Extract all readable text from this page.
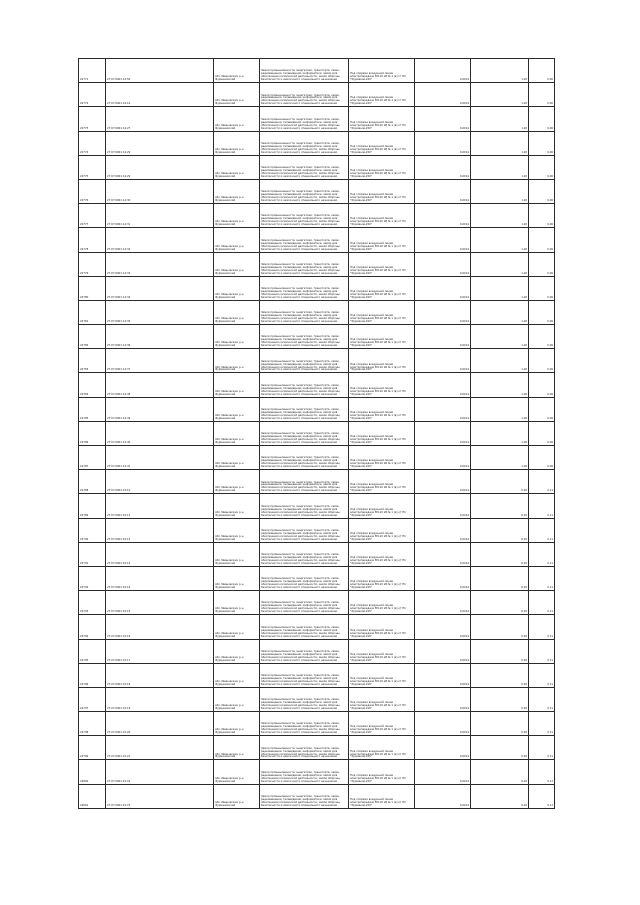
22771	27:07:0901:14:50	обл. Ивановская, р-н Фурмановский	Земли промышленности, энергетики, транспорта, связи, радиовещания, телевидения, информатики, земли для обеспечения космической деятельности, земли обороны, безопасности и земли иного специального назначения	Под опорами воздушной линии электропередачи ВЛ-10 кВ № 1 (в) от ПС "Фурманов-220"	0,0014	1,20	0,00
22772	27:07:0901:14:16	обл. Ивановская, р-н Фурмановский	Земли промышленности, энергетики, транспорта, связи, радиовещания, телевидения, информатики, земли для обеспечения космической деятельности, земли обороны, безопасности и земли иного специального назначения	Под опорами воздушной линии электропередачи ВЛ-10 кВ № 1 (в) от ПС "Фурманов-220"	0,0014	1,20	0,00
22773	27:07:0901:14:27	обл. Ивановская, р-н Фурмановский	Земли промышленности, энергетики, транспорта, связи, радиовещания, телевидения, информатики, земли для обеспечения космической деятельности, земли обороны, безопасности и земли иного специального назначения	Под опорами воздушной линии электропередачи ВЛ-10 кВ № 1 (в) от ПС "Фурманов-220"	0,0014	1,20	0,00
22774	27:07:0901:14:29	обл. Ивановская, р-н Фурмановский	Земли промышленности, энергетики, транспорта, связи, радиовещания, телевидения, информатики, земли для обеспечения космической деятельности, земли обороны, безопасности и земли иного специального назначения	Под опорами воздушной линии электропередачи ВЛ-10 кВ № 1 (в) от ПС "Фурманов-220"	0,0014	1,20	0,00
22775	27:07:0901:14:29	обл. Ивановская, р-н Фурмановский	Земли промышленности, энергетики, транспорта, связи, радиовещания, телевидения, информатики, земли для обеспечения космической деятельности, земли обороны, безопасности и земли иного специального назначения	Под опорами воздушной линии электропередачи ВЛ-10 кВ № 1 (в) от ПС "Фурманов-220"	0,0014	1,20	0,00
22776	27:07:0901:14:30	обл. Ивановская, р-н Фурмановский	Земли промышленности, энергетики, транспорта, связи, радиовещания, телевидения, информатики, земли для обеспечения космической деятельности, земли обороны, безопасности и земли иного специального назначения	Под опорами воздушной линии электропередачи ВЛ-10 кВ № 1 (в) от ПС "Фурманов-220"	0,0014	1,20	0,00
22777	27:07:0901:14:31	обл. Ивановская, р-н Фурмановский	Земли промышленности, энергетики, транспорта, связи, радиовещания, телевидения, информатики, земли для обеспечения космической деятельности, земли обороны, безопасности и земли иного специального назначения	Под опорами воздушной линии электропередачи ВЛ-10 кВ № 1 (в) от ПС "Фурманов-220"	0,0014	1,20	0,00
22778	27:07:0901:14:32	обл. Ивановская, р-н Фурмановский	Земли промышленности, энергетики, транспорта, связи, радиовещания, телевидения, информатики, земли для обеспечения космической деятельности, земли обороны, безопасности и земли иного специального назначения	Под опорами воздушной линии электропередачи ВЛ-10 кВ № 1 (в) от ПС "Фурманов-220"	0,0014	1,20	0,00
22779	27:07:0901:14:33	обл. Ивановская, р-н Фурмановский	Земли промышленности, энергетики, транспорта, связи, радиовещания, телевидения, информатики, земли для обеспечения космической деятельности, земли обороны, безопасности и земли иного специального назначения	Под опорами воздушной линии электропередачи ВЛ-10 кВ № 1 (в) от ПС "Фурманов-220"	0,0014	1,20	0,00
22780	27:07:0901:14:34	обл. Ивановская, р-н Фурмановский	Земли промышленности, энергетики, транспорта, связи, радиовещания, телевидения, информатики, земли для обеспечения космической деятельности, земли обороны, безопасности и земли иного специального назначения	Под опорами воздушной линии электропередачи ВЛ-10 кВ № 1 (в) от ПС "Фурманов-220"	0,0014	1,20	0,00
22781	27:07:0901:14:35	обл. Ивановская, р-н Фурмановский	Земли промышленности, энергетики, транспорта, связи, радиовещания, телевидения, информатики, земли для обеспечения космической деятельности, земли обороны, безопасности и земли иного специального назначения	Под опорами воздушной линии электропередачи ВЛ-10 кВ № 1 (в) от ПС "Фурманов-220"	0,0014	1,20	0,00
22782	27:07:0901:14:36	обл. Ивановская, р-н Фурмановский	Земли промышленности, энергетики, транспорта, связи, радиовещания, телевидения, информатики, земли для обеспечения космической деятельности, земли обороны, безопасности и земли иного специального назначения	Под опорами воздушной линии электропередачи ВЛ-10 кВ № 1 (в) от ПС "Фурманов-220"	0,0014	1,20	0,00
22783	27:07:0901:14:37	обл. Ивановская, р-н Фурмановский	Земли промышленности, энергетики, транспорта, связи, радиовещания, телевидения, информатики, земли для обеспечения космической деятельности, земли обороны, безопасности и земли иного специального назначения	Под опорами воздушной линии электропередачи ВЛ-10 кВ № 1 (в) от ПС "Фурманов-220"	0,0014	1,20	0,00
22784	27:07:0901:14:38	обл. Ивановская, р-н Фурмановский	Земли промышленности, энергетики, транспорта, связи, радиовещания, телевидения, информатики, земли для обеспечения космической деятельности, земли обороны, безопасности и земли иного специального назначения	Под опорами воздушной линии электропередачи ВЛ-10 кВ № 1 (в) от ПС "Фурманов-220"	0,0014	1,20	0,00
22785	27:07:0901:14:39	обл. Ивановская, р-н Фурмановский	Земли промышленности, энергетики, транспорта, связи, радиовещания, телевидения, информатики, земли для обеспечения космической деятельности, земли обороны, безопасности и земли иного специального назначения	Под опорами воздушной линии электропередачи ВЛ-10 кВ № 1 (в) от ПС "Фурманов-220"	0,0014	1,20	0,00
22786	27:07:0901:14:40	обл. Ивановская, р-н Фурмановский	Земли промышленности, энергетики, транспорта, связи, радиовещания, телевидения, информатики, земли для обеспечения космической деятельности, земли обороны, безопасности и земли иного специального назначения	Под опорами воздушной линии электропередачи ВЛ-10 кВ № 1 (в) от ПС "Фурманов-220"	0,0014	1,20	0,00
22787	27:07:0901:14:41	обл. Ивановская, р-н Фурмановский	Земли промышленности, энергетики, транспорта, связи, радиовещания, телевидения, информатики, земли для обеспечения космической деятельности, земли обороны, безопасности и земли иного специального назначения	Под опорами воздушной линии электропередачи ВЛ-10 кВ № 1 (в) от ПС "Фурманов-220"	0,0014	1,20	0,00
22788	27:07:0901:15:10	обл. Ивановская, р-н Фурмановский	Земли промышленности, энергетики, транспорта, связи, радиовещания, телевидения, информатики, земли для обеспечения космической деятельности, земли обороны, безопасности и земли иного специального назначения	Под опорами воздушной линии электропередачи ВЛ-10 кВ № 1 (в) от ПС "Фурманов-220"	0,0014	0,20	0,11
22789	27:07:0901:15:11	обл. Ивановская, р-н Фурмановский	Земли промышленности, энергетики, транспорта, связи, радиовещания, телевидения, информатики, земли для обеспечения космической деятельности, земли обороны, безопасности и земли иного специального назначения	Под опорами воздушной линии электропередачи ВЛ-10 кВ № 1 (в) от ПС "Фурманов-220"	0,0014	0,20	0,11
22790	27:07:0901:15:12	обл. Ивановская, р-н Фурмановский	Земли промышленности, энергетики, транспорта, связи, радиовещания, телевидения, информатики, земли для обеспечения космической деятельности, земли обороны, безопасности и земли иного специального назначения	Под опорами воздушной линии электропередачи ВЛ-10 кВ № 1 (в) от ПС "Фурманов-220"	0,0014	0,20	0,11
22791	27:07:0901:15:13	обл. Ивановская, р-н Фурмановский	Земли промышленности, энергетики, транспорта, связи, радиовещания, телевидения, информатики, земли для обеспечения космической деятельности, земли обороны, безопасности и земли иного специального назначения	Под опорами воздушной линии электропередачи ВЛ-10 кВ № 1 (в) от ПС "Фурманов-220"	0,0014	0,20	0,11
22792	27:07:0901:15:14	обл. Ивановская, р-н Фурмановский	Земли промышленности, энергетики, транспорта, связи, радиовещания, телевидения, информатики, земли для обеспечения космической деятельности, земли обороны, безопасности и земли иного специального назначения	Под опорами воздушной линии электропередачи ВЛ-10 кВ № 1 (в) от ПС "Фурманов-220"	0,0014	0,20	0,11
22793	27:07:0901:15:15	обл. Ивановская, р-н Фурмановский	Земли промышленности, энергетики, транспорта, связи, радиовещания, телевидения, информатики, земли для обеспечения космической деятельности, земли обороны, безопасности и земли иного специального назначения	Под опорами воздушной линии электропередачи ВЛ-10 кВ № 1 (в) от ПС "Фурманов-220"	0,0014	0,20	0,11
22794	27:07:0901:15:16	обл. Ивановская, р-н Фурмановский	Земли промышленности, энергетики, транспорта, связи, радиовещания, телевидения, информатики, земли для обеспечения космической деятельности, земли обороны, безопасности и земли иного специального назначения	Под опорами воздушной линии электропередачи ВЛ-10 кВ № 1 (в) от ПС "Фурманов-220"	0,0014	0,20	0,11
22795	27:07:0901:15:17	обл. Ивановская, р-н Фурмановский	Земли промышленности, энергетики, транспорта, связи, радиовещания, телевидения, информатики, земли для обеспечения космической деятельности, земли обороны, безопасности и земли иного специального назначения	Под опорами воздушной линии электропередачи ВЛ-10 кВ № 1 (в) от ПС "Фурманов-220"	0,0014	0,20	0,11
22796	27:07:0901:15:18	обл. Ивановская, р-н Фурмановский	Земли промышленности, энергетики, транспорта, связи, радиовещания, телевидения, информатики, земли для обеспечения космической деятельности, земли обороны, безопасности и земли иного специального назначения	Под опорами воздушной линии электропередачи ВЛ-10 кВ № 1 (в) от ПС "Фурманов-220"	0,0014	0,20	0,11
22797	27:07:0901:15:19	обл. Ивановская, р-н Фурмановский	Земли промышленности, энергетики, транспорта, связи, радиовещания, телевидения, информатики, земли для обеспечения космической деятельности, земли обороны, безопасности и земли иного специального назначения	Под опорами воздушной линии электропередачи ВЛ-10 кВ № 1 (в) от ПС "Фурманов-220"	0,0014	0,20	0,11
22798	27:07:0901:15:20	обл. Ивановская, р-н Фурмановский	Земли промышленности, энергетики, транспорта, связи, радиовещания, телевидения, информатики, земли для обеспечения космической деятельности, земли обороны, безопасности и земли иного специального назначения	Под опорами воздушной линии электропередачи ВЛ-10 кВ № 1 (в) от ПС "Фурманов-220"	0,0014	0,20	0,11
22799	27:07:0901:15:21	обл. Ивановская, р-н Фурмановский	Земли промышленности, энергетики, транспорта, связи, радиовещания, телевидения, информатики, земли для обеспечения космической деятельности, земли обороны, безопасности и земли иного специального назначения	Под опорами воздушной линии электропередачи ВЛ-10 кВ № 1 (в) от ПС "Фурманов-220"	0,0014	0,20	0,11
22800	27:07:0901:15:22	обл. Ивановская, р-н Фурмановский	Земли промышленности, энергетики, транспорта, связи, радиовещания, телевидения, информатики, земли для обеспечения космической деятельности, земли обороны, безопасности и земли иного специального назначения	Под опорами воздушной линии электропередачи ВЛ-10 кВ № 1 (в) от ПС "Фурманов-220"	0,0014	0,20	0,11
22801	27:07:0901:15:23	обл. Ивановская, р-н Фурмановский	Земли промышленности, энергетики, транспорта, связи, радиовещания, телевидения, информатики, земли для обеспечения космической деятельности, земли обороны, безопасности и земли иного специального назначения	Под опорами воздушной линии электропередачи ВЛ-10 кВ № 1 (в) от ПС "Фурманов-220"	0,0014	0,20	0,11
